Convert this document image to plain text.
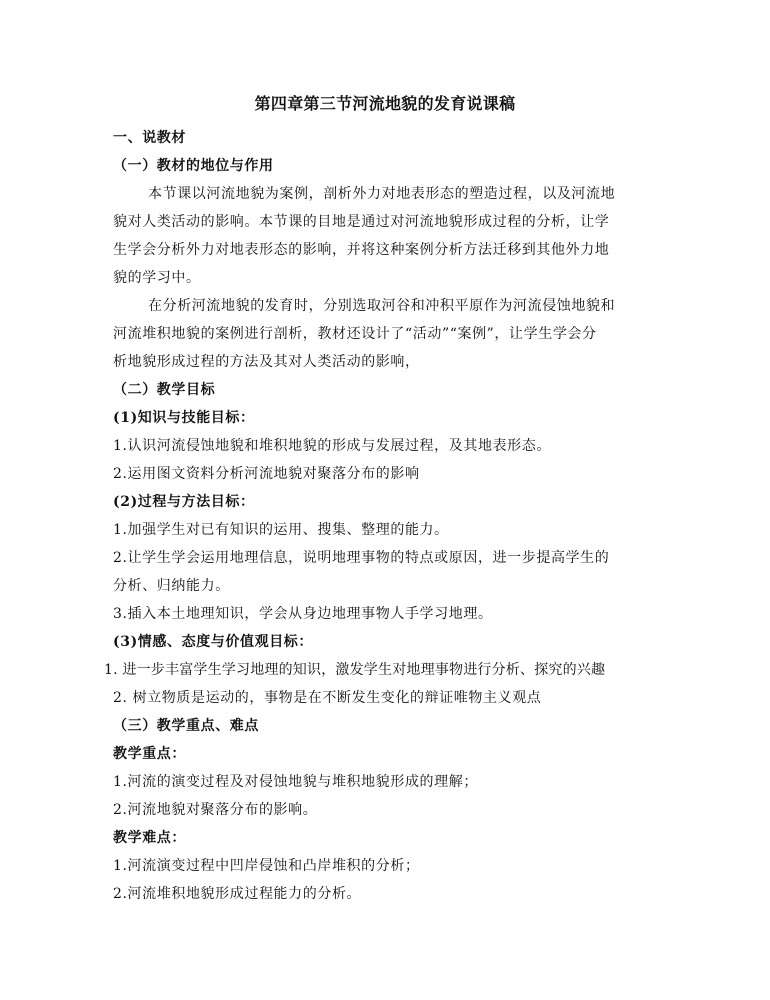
第四章第三节河流地貌的发育说课稿
一、说教材
（一）教材的地位与作用
本节课以河流地貌为案例，剖析外力对地表形态的塑造过程，以及河流地
貌对人类活动的影响。本节课的目地是通过对河流地貌形成过程的分析，让学
生学会分析外力对地表形态的影响，并将这种案例分析方法迁移到其他外力地
貌的学习中。
在分析河流地貌的发育时，分别选取河谷和冲积平原作为河流侵蚀地貌和
河流堆积地貌的案例进行剖析，教材还设计了“活动”“案例”，让学生学会分
析地貌形成过程的方法及其对人类活动的影响，
（二）教学目标
(1)知识与技能目标：
1.认识河流侵蚀地貌和堆积地貌的形成与发展过程，及其地表形态。
2.运用图文资料分析河流地貌对聚落分布的影响
(2)过程与方法目标：
1.加强学生对已有知识的运用、搜集、整理的能力。
2.让学生学会运用地理信息，说明地理事物的特点或原因，进一步提高学生的
分析、归纳能力。
3.插入本土地理知识，学会从身边地理事物人手学习地理。
(3)情感、态度与价值观目标：
1. 进一步丰富学生学习地理的知识，激发学生对地理事物进行分析、探究的兴趣
2. 树立物质是运动的，事物是在不断发生变化的辩证唯物主义观点
（三）教学重点、难点
教学重点：
1.河流的演变过程及对侵蚀地貌与堆积地貌形成的理解；
2.河流地貌对聚落分布的影响。
教学难点：
1.河流演变过程中凹岸侵蚀和凸岸堆积的分析；
2.河流堆积地貌形成过程能力的分析。
